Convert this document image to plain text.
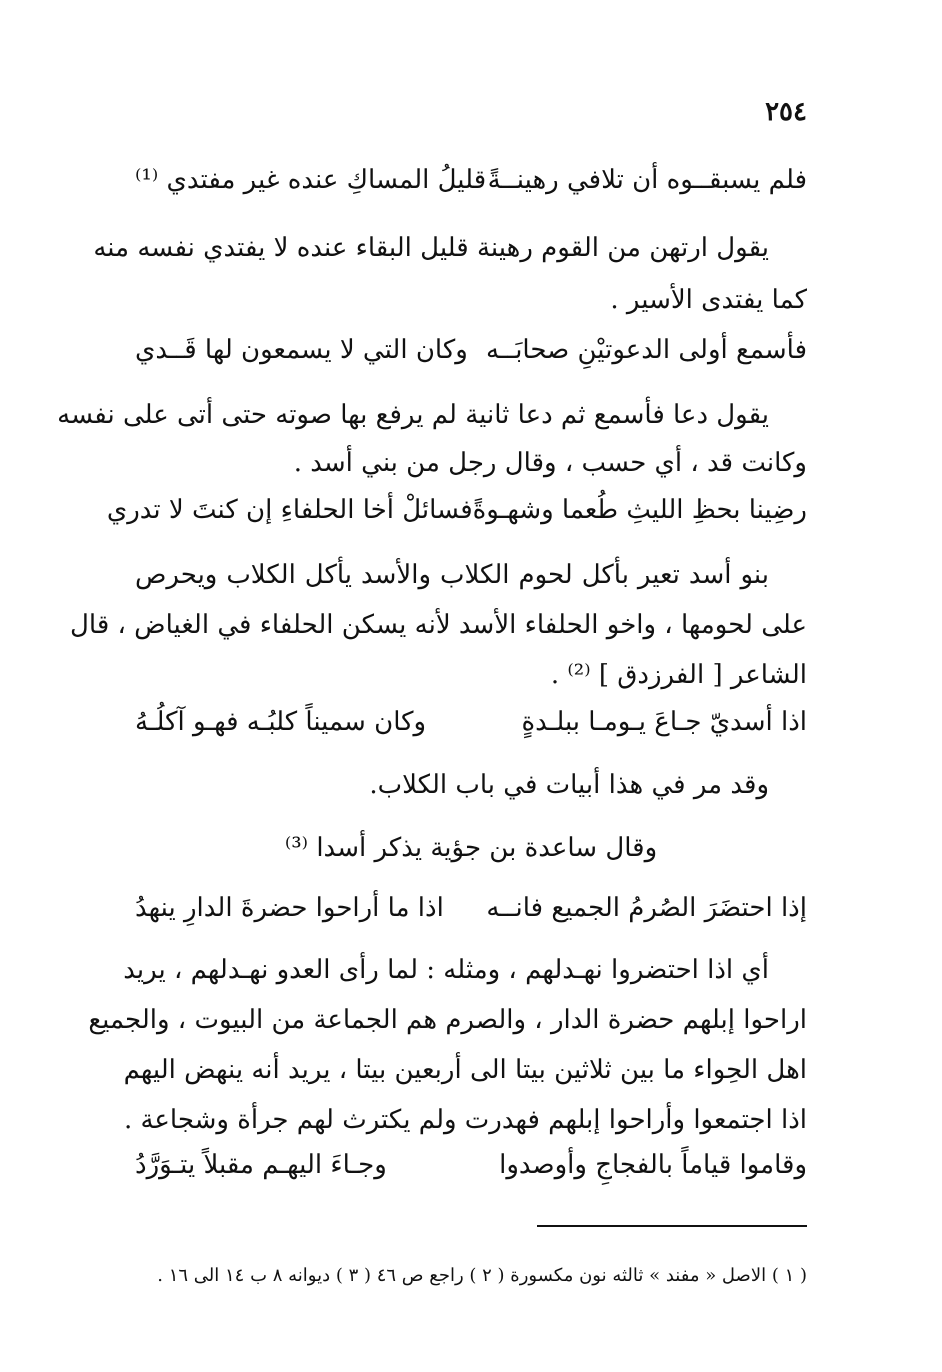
٢٥٤
فلم يسبقــوه أن تلافي رهينــةً
قليلُ المساكِ عنده غير مفتدي ⁽¹⁾
يقول ارتهن من القوم رهينة قليل البقاء عنده لا يفتدي نفسه منه
كما يفتدى الأسير .
فأسمع أولى الدعوتيْنِ صحابَــه
وكان التي لا يسمعون لها قَــدي
يقول دعا فأسمع ثم دعا ثانية لم يرفع بها صوته حتى أتى على نفسه
وكانت قد ، أي حسب ، وقال رجل من بني أسد .
رضِينا بحظِ الليثِ طُعما وشهـوةً
فسائلْ أخا الحلفاءِ إن كنتَ لا تدري
بنو أسد تعير بأكل لحوم الكلاب والأسد يأكل الكلاب ويحرص
على لحومها ، واخو الحلفاء الأسد لأنه يسكن الحلفاء في الغياض ، قال
الشاعر [ الفرزدق ] ⁽²⁾ .
اذا أسديّ جـاعَ يـومـا ببلـدةٍ
وكان سميناً كلبُـه فهـو آكلُـهُ
وقد مر في هذا أبيات في باب الكلاب.
وقال ساعدة بن جؤية يذكر أسدا ⁽³⁾
إذا احتضَرَ الصُرمُ الجميع فانــه
اذا ما أراحوا حضرةَ الدارِ ينهدُ
أي اذا احتضروا نهـدلهم ، ومثله : لما رأى العدو نهـدلهم ، يريد
اراحوا إبلهم حضرة الدار ، والصرم هم الجماعة من البيوت ، والجميع
اهل الحِواء ما بين ثلاثين بيتا الى أربعين بيتا ، يريد أنه ينهض اليهم
اذا اجتمعوا وأراحوا إبلهم فهدرت ولم يكترث لهم جرأة وشجاعة .
وقاموا قياماً بالفجاجِ وأوصدوا
وجـاءَ اليهـم مقبلاً يتـوَرَّدُ
( ١ ) الاصل « مفند » ثالثه نون مكسورة ( ٢ ) راجع ص ٤٦ ( ٣ ) ديوانه ٨ ب ١٤ الى ١٦ .
